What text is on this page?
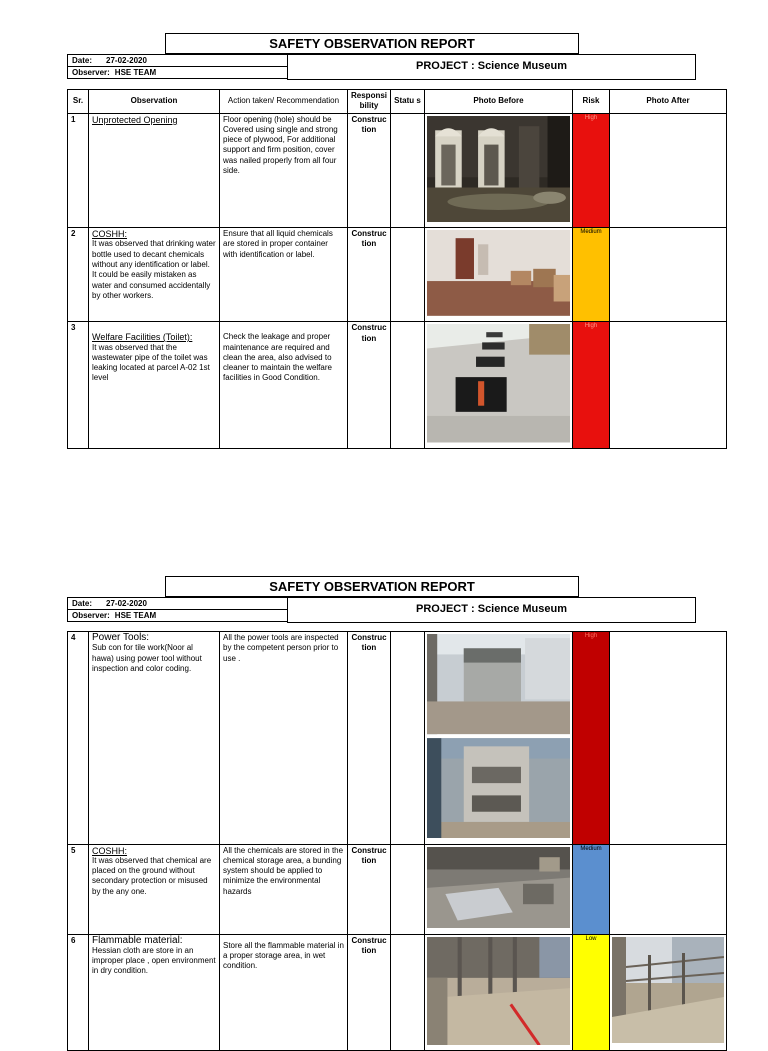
SAFETY OBSERVATION REPORT
Date: 27-02-2020
Observer: HSE TEAM
PROJECT : Science Museum
Sr.	Observation	Action taken/ Recommendation	Responsi bility	Statu s	Photo Before	Risk	Photo After
1	Unprotected Opening	Floor opening (hole) should be Covered using single and strong piece of plywood, For additional support and firm position, cover was nailed properly from all four side.	Construc tion			High	

2	COSHH:
It was observed that drinking water bottle used to decant chemicals without any identification or label. It could be easily mistaken as water and consumed accidentally by other workers.	Ensure that all liquid chemicals are stored in proper container with identification or label.	Construc tion			Medium	

3	Welfare Facilities (Toilet):
It was observed that the wastewater pipe of the toilet was leaking located at parcel A-02 1st level	Check the leakage and proper maintenance are required and clean the area, also advised to cleaner to maintain the welfare facilities in Good Condition.	Construc tion			High	

SAFETY OBSERVATION REPORT
Date: 27-02-2020
Observer: HSE TEAM
PROJECT : Science Museum
4	Power Tools:
Sub con for tile work(Noor al hawa) using power tool without inspection and color coding.	All the power tools are inspected by the competent person prior to use .	Construc tion			High	

5	COSHH:
It was observed that chemical are placed on the ground without secondary protection or misused by the any one.	All the chemicals are stored in the chemical storage area, a bunding system should be applied to minimize the environmental hazards	Construc tion			Medium	

6	Flammable material:
Hessian cloth are store in an improper place , open environment in dry condition.	Store all the flammable material in a proper storage area, in wet condition.	Construc tion			Low
